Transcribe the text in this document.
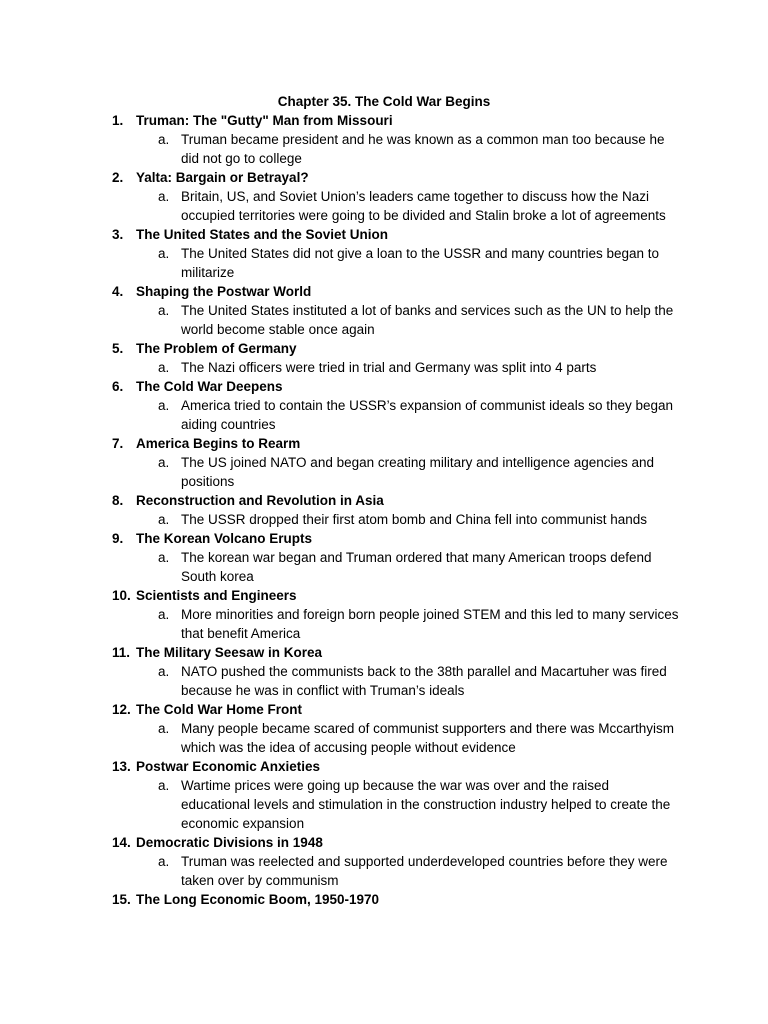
Chapter 35. The Cold War Begins
1. Truman: The "Gutty" Man from Missouri
a. Truman became president and he was known as a common man too because he did not go to college
2. Yalta: Bargain or Betrayal?
a. Britain, US, and Soviet Union’s leaders came together to discuss how the Nazi occupied territories were going to be divided and Stalin broke a lot of agreements
3. The United States and the Soviet Union
a. The United States did not give a loan to the USSR and many countries began to militarize
4. Shaping the Postwar World
a. The United States instituted a lot of banks and services such as the UN to help the world become stable once again
5. The Problem of Germany
a. The Nazi officers were tried in trial and Germany was split into 4 parts
6. The Cold War Deepens
a. America tried to contain the USSR’s expansion of communist ideals so they began aiding countries
7. America Begins to Rearm
a. The US joined NATO and began creating military and intelligence agencies and positions
8. Reconstruction and Revolution in Asia
a. The USSR dropped their first atom bomb and China fell into communist hands
9. The Korean Volcano Erupts
a. The korean war began and Truman ordered that many American troops defend South korea
10. Scientists and Engineers
a. More minorities and foreign born people joined STEM and this led to many services that benefit America
11. The Military Seesaw in Korea
a. NATO pushed the communists back to the 38th parallel and Macartuher was fired because he was in conflict with Truman’s ideals
12. The Cold War Home Front
a. Many people became scared of communist supporters and there was Mccarthyism which was the idea of accusing people without evidence
13. Postwar Economic Anxieties
a. Wartime prices were going up because the war was over and the raised educational levels and stimulation in the construction industry helped to create the economic expansion
14. Democratic Divisions in 1948
a. Truman was reelected and supported underdeveloped countries before they were taken over by communism
15. The Long Economic Boom, 1950-1970
